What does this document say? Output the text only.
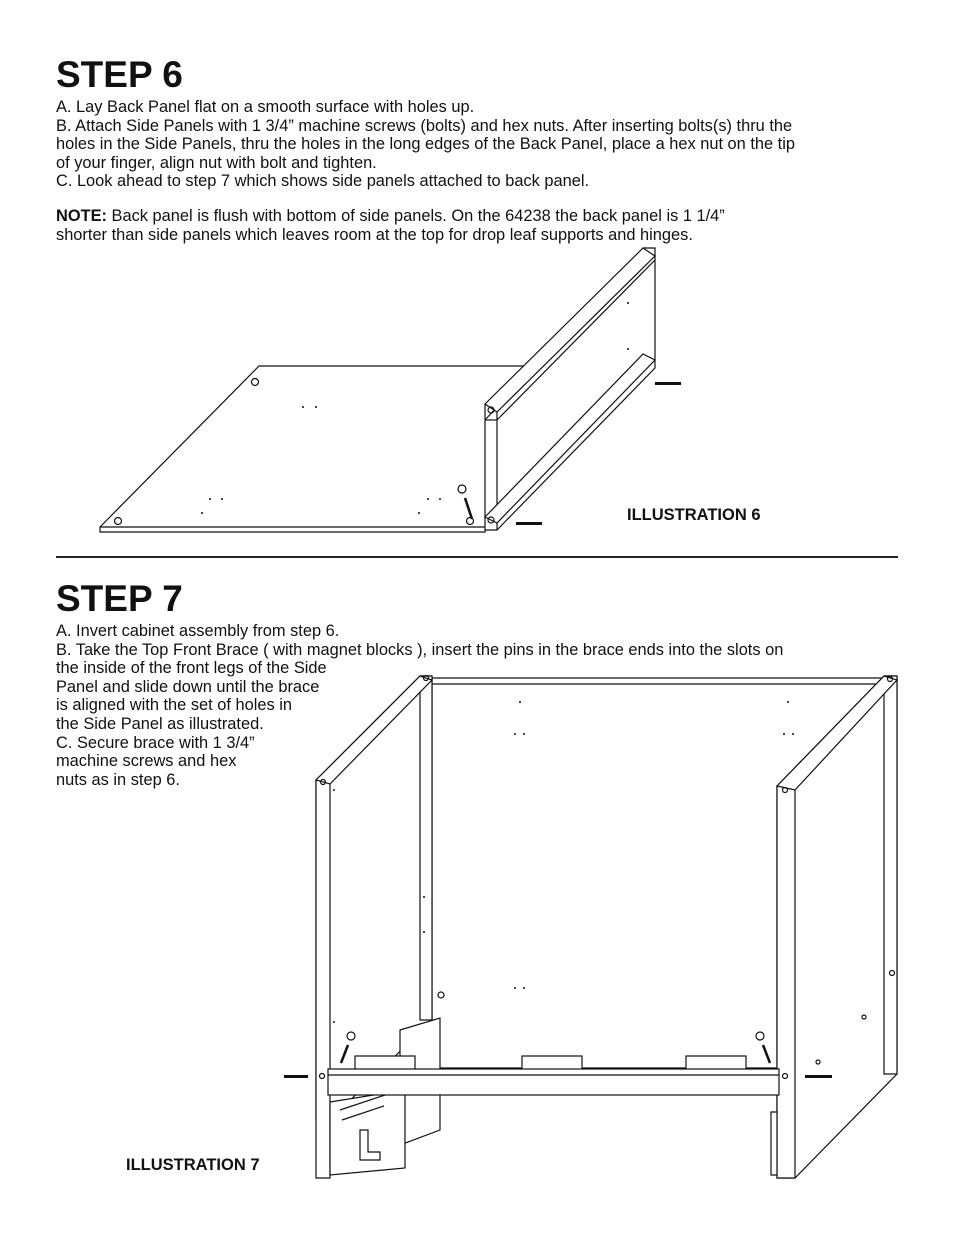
STEP 6

A. Lay Back Panel flat on a smooth surface with holes up.

B. Attach Side Panels with 1 3/4” machine screws (bolts) and hex nuts. After inserting bolts(s) thru the

holes in the Side Panels, thru the holes in the long edges of the Back Panel, place a hex nut on the tip

of your finger, align nut with bolt and tighten.

C. Look ahead to step 7 which shows side panels attached to back panel.

NOTE: Back panel is flush with bottom of side panels. On the 64238 the back panel is 1 1/4”

shorter than side panels which leaves room at the top for drop leaf supports and hinges.

ILLUSTRATION 6
STEP 7

A. Invert cabinet assembly from step 6.

B. Take the Top Front Brace ( with magnet blocks ), insert the pins in the brace ends into the slots on

the inside of the front legs of the Side

Panel and slide down until the brace

is aligned with the set of holes in

the Side Panel as illustrated.

C. Secure brace with 1 3/4”

machine screws and hex

nuts as in step 6.

ILLUSTRATION 7
